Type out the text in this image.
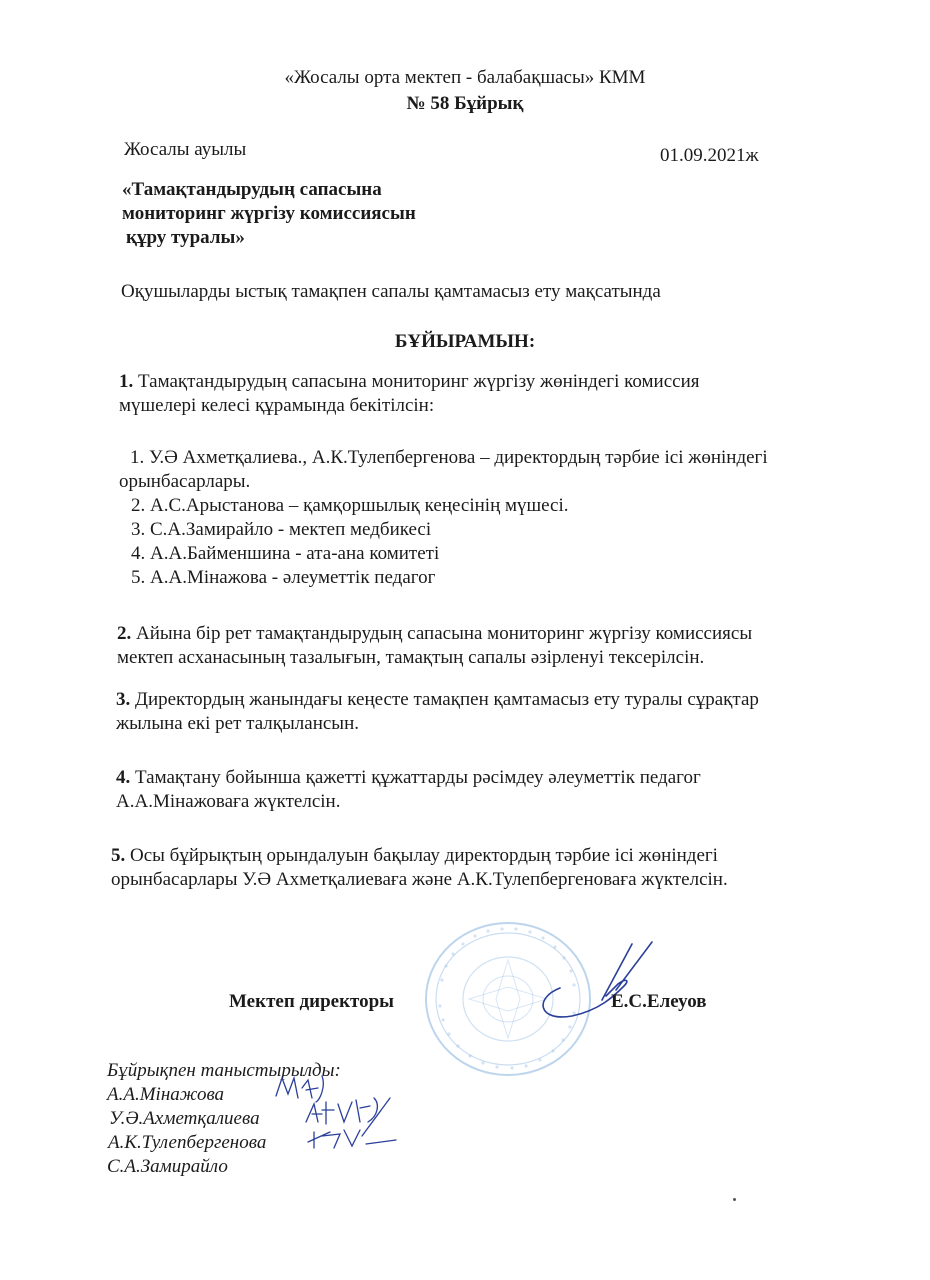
«Жосалы орта мектеп - балабақшасы» КММ
№ 58 Бұйрық
Жосалы ауылы	01.09.2021ж
«Тамақтандырудың сапасына
мониторинг жүргізу комиссиясын
құру туралы»
Оқушыларды ыстық тамақпен сапалы қамтамасыз ету мақсатында
БҰЙЫРАМЫН:
1. Тамақтандырудың сапасына мониторинг жүргізу жөніндегі комиссия
мүшелері келесі құрамында бекітілсін:
1. У.Ә Ахметқалиева., А.К.Тулепбергенова – директордың тәрбие ісі жөніндегі
орынбасарлары.
2. А.С.Арыстанова – қамқоршылық кеңесінің мүшесі.
3. С.А.Замирайло - мектеп медбикесі
4. А.А.Байменшина - ата-ана комитеті
5. А.А.Мінажова - әлеуметтік педагог
2. Айына бір рет тамақтандырудың сапасына мониторинг жүргізу комиссиясы
мектеп асханасының тазалығын, тамақтың сапалы әзірленуі тексерілсін.
3. Директордың жанындағы кеңесте тамақпен қамтамасыз ету туралы сұрақтар
жылына екі рет талқылансын.
4. Тамақтану бойынша қажетті құжаттарды рәсімдеу әлеуметтік педагог
А.А.Мінажоваға жүктелсін.
5. Осы бұйрықтың орындалуын бақылау директордың тәрбие ісі жөніндегі
орынбасарлары У.Ә Ахметқалиеваға және А.К.Тулепбергеноваға жүктелсін.
Мектеп директоры	Е.С.Елеуов
Бұйрықпен таныстырылды:
А.А.Мінажова
У.Ә.Ахметқалиева
А.К.Тулепбергенова
С.А.Замирайло
